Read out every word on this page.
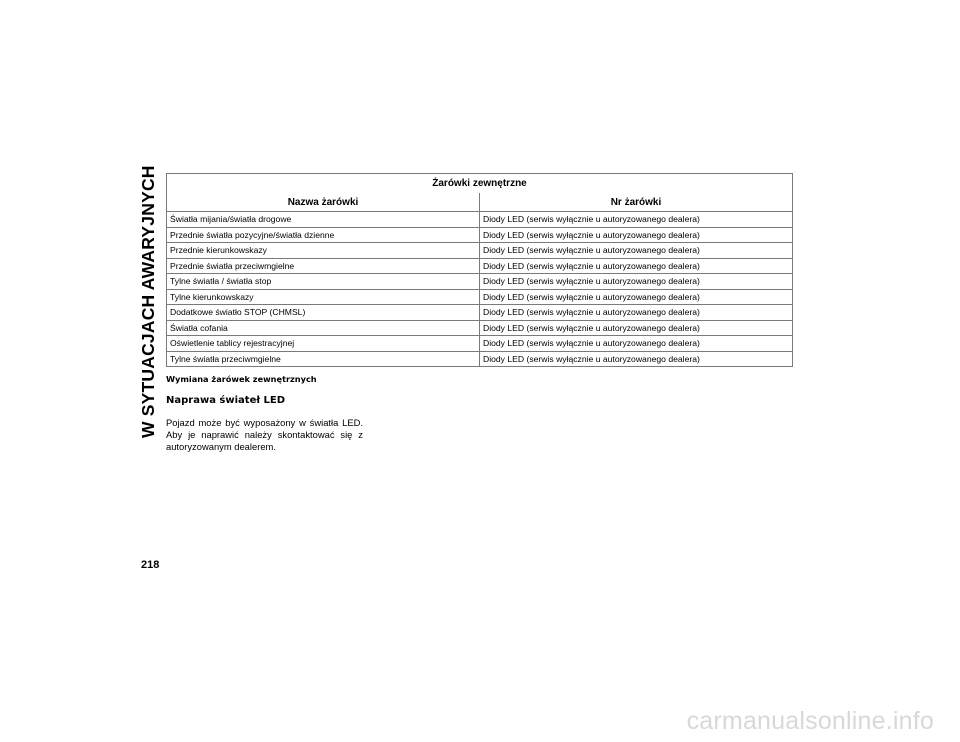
W SYTUACJACH AWARYJNYCH	Żarówki zewnętrzne	
Nazwa żarówki	Nr żarówki
Światła mijania/światła drogowe	Diody LED (serwis wyłącznie u autoryzowanego dealera)
Przednie światła pozycyjne/światła dzienne	Diody LED (serwis wyłącznie u autoryzowanego dealera)
Przednie kierunkowskazy	Diody LED (serwis wyłącznie u autoryzowanego dealera)
Przednie światła przeciwmgielne	Diody LED (serwis wyłącznie u autoryzowanego dealera)
Tylne światła / światła stop	Diody LED (serwis wyłącznie u autoryzowanego dealera)
Tylne kierunkowskazy	Diody LED (serwis wyłącznie u autoryzowanego dealera)
Dodatkowe światło STOP (CHMSL)	Diody LED (serwis wyłącznie u autoryzowanego dealera)
Światła cofania	Diody LED (serwis wyłącznie u autoryzowanego dealera)
Oświetlenie tablicy rejestracyjnej	Diody LED (serwis wyłącznie u autoryzowanego dealera)
Tylne światła przeciwmgielne	Diody LED (serwis wyłącznie u autoryzowanego dealera)
Wymiana żarówek zewnętrznych
Naprawa świateł LED
Pojazd może być wyposażony w światła LED. Aby je naprawić należy skontaktować się z autoryzowanym dealerem.
218
carmanualsonline.info
